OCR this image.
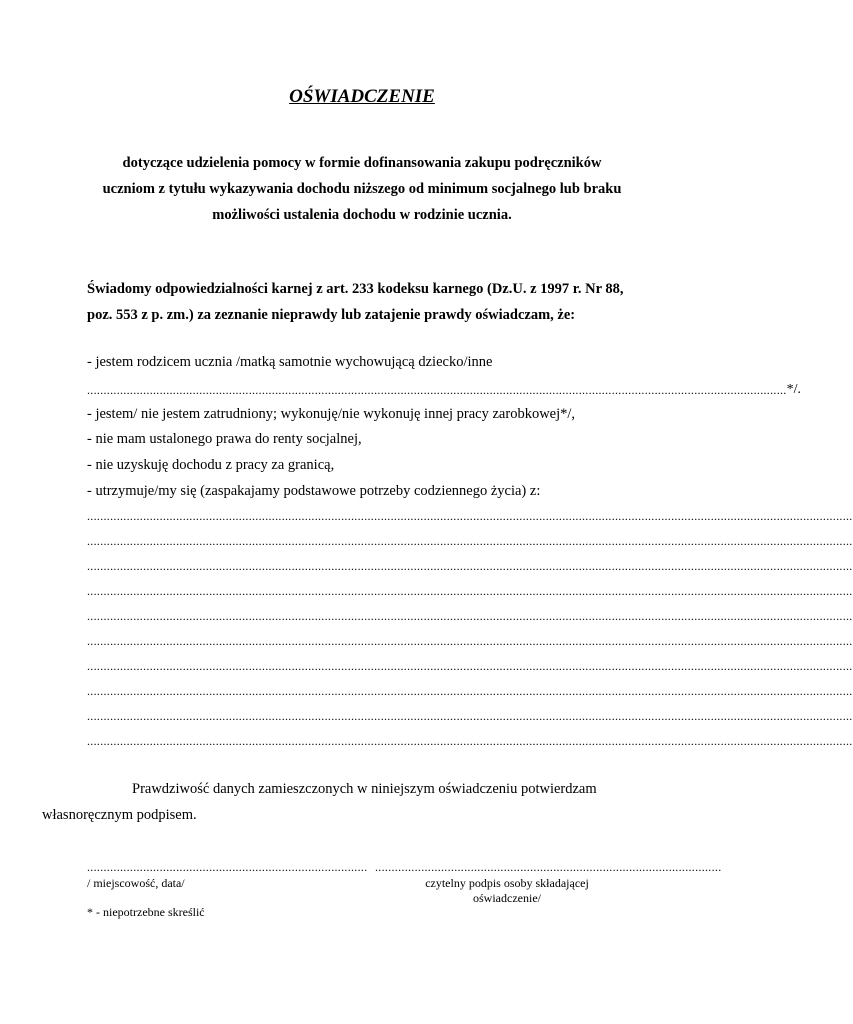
OŚWIADCZENIE
dotyczące udzielenia pomocy w formie dofinansowania zakupu podręczników
uczniom z tytułu wykazywania dochodu niższego od minimum socjalnego lub braku
możliwości ustalenia dochodu w rodzinie ucznia.
Świadomy odpowiedzialności karnej z art. 233 kodeksu karnego (Dz.U. z 1997 r. Nr 88,
poz. 553 z p. zm.) za zeznanie nieprawdy lub zatajenie prawdy oświadczam, że:
- jestem rodzicem ucznia /matką samotnie wychowującą dziecko/inne
.................................................................................................................................................................................................................... */.
- jestem/ nie jestem zatrudniony; wykonuję/nie wykonuję innej pracy zarobkowej*/,
- nie mam ustalonego prawa do renty socjalnej,
- nie uzyskuję dochodu z pracy za granicą,
- utrzymuje/my się (zaspakajamy podstawowe potrzeby codziennego życia) z:
........................................................................................................................................................................................................................................
........................................................................................................................................................................................................................................
........................................................................................................................................................................................................................................
........................................................................................................................................................................................................................................
........................................................................................................................................................................................................................................
........................................................................................................................................................................................................................................
........................................................................................................................................................................................................................................
........................................................................................................................................................................................................................................
........................................................................................................................................................................................................................................
........................................................................................................................................................................................................................................
Prawdziwość danych zamieszczonych w niniejszym oświadczeniu potwierdzam
własnoręcznym podpisem.
..................................................................................... .........................................................................................................
/ miejscowość, data/	czytelny podpis osoby składającej
oświadczenie/
* - niepotrzebne skreślić
